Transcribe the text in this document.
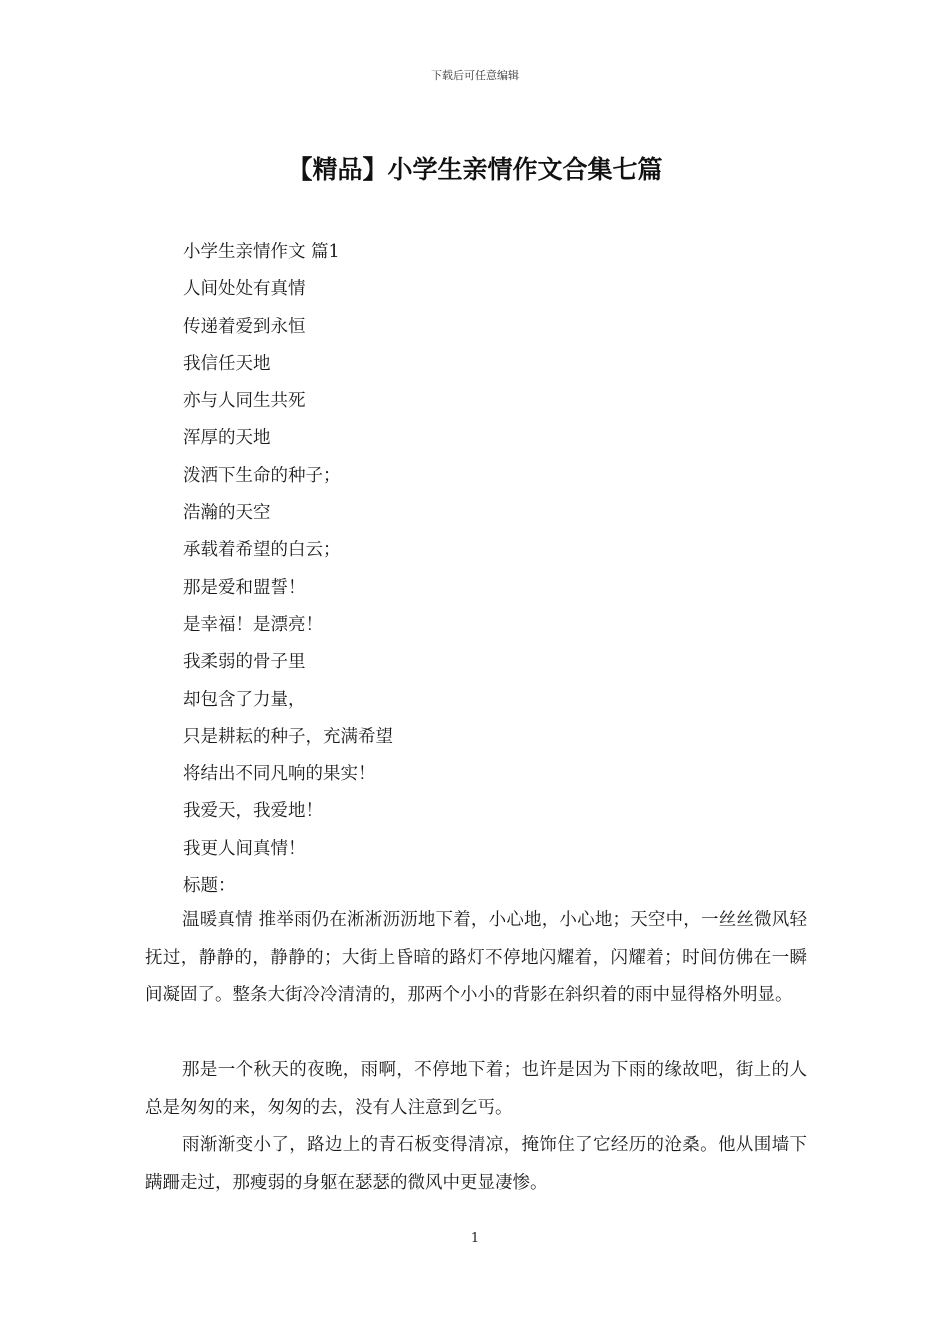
下载后可任意编辑
【精品】小学生亲情作文合集七篇
小学生亲情作文 篇1
人间处处有真情
传递着爱到永恒
我信任天地
亦与人同生共死
浑厚的天地
泼洒下生命的种子；
浩瀚的天空
承载着希望的白云；
那是爱和盟誓！
是幸福！是漂亮！
我柔弱的骨子里
却包含了力量，
只是耕耘的种子，充满希望
将结出不同凡响的果实！
我爱天，我爱地！
我更人间真情！
标题：

温暖真情 推举雨仍在淅淅沥沥地下着，小心地，小心地；天空中，一丝丝微风轻抚过，静静的，静静的；大街上昏暗的路灯不停地闪耀着，闪耀着；时间仿佛在一瞬间凝固了。整条大街冷冷清清的，那两个小小的背影在斜织着的雨中显得格外明显。

那是一个秋天的夜晚，雨啊，不停地下着；也许是因为下雨的缘故吧，街上的人总是匆匆的来，匆匆的去，没有人注意到乞丐。

雨渐渐变小了，路边上的青石板变得清凉，掩饰住了它经历的沧桑。他从围墙下蹒跚走过，那瘦弱的身躯在瑟瑟的微风中更显凄惨。

1
